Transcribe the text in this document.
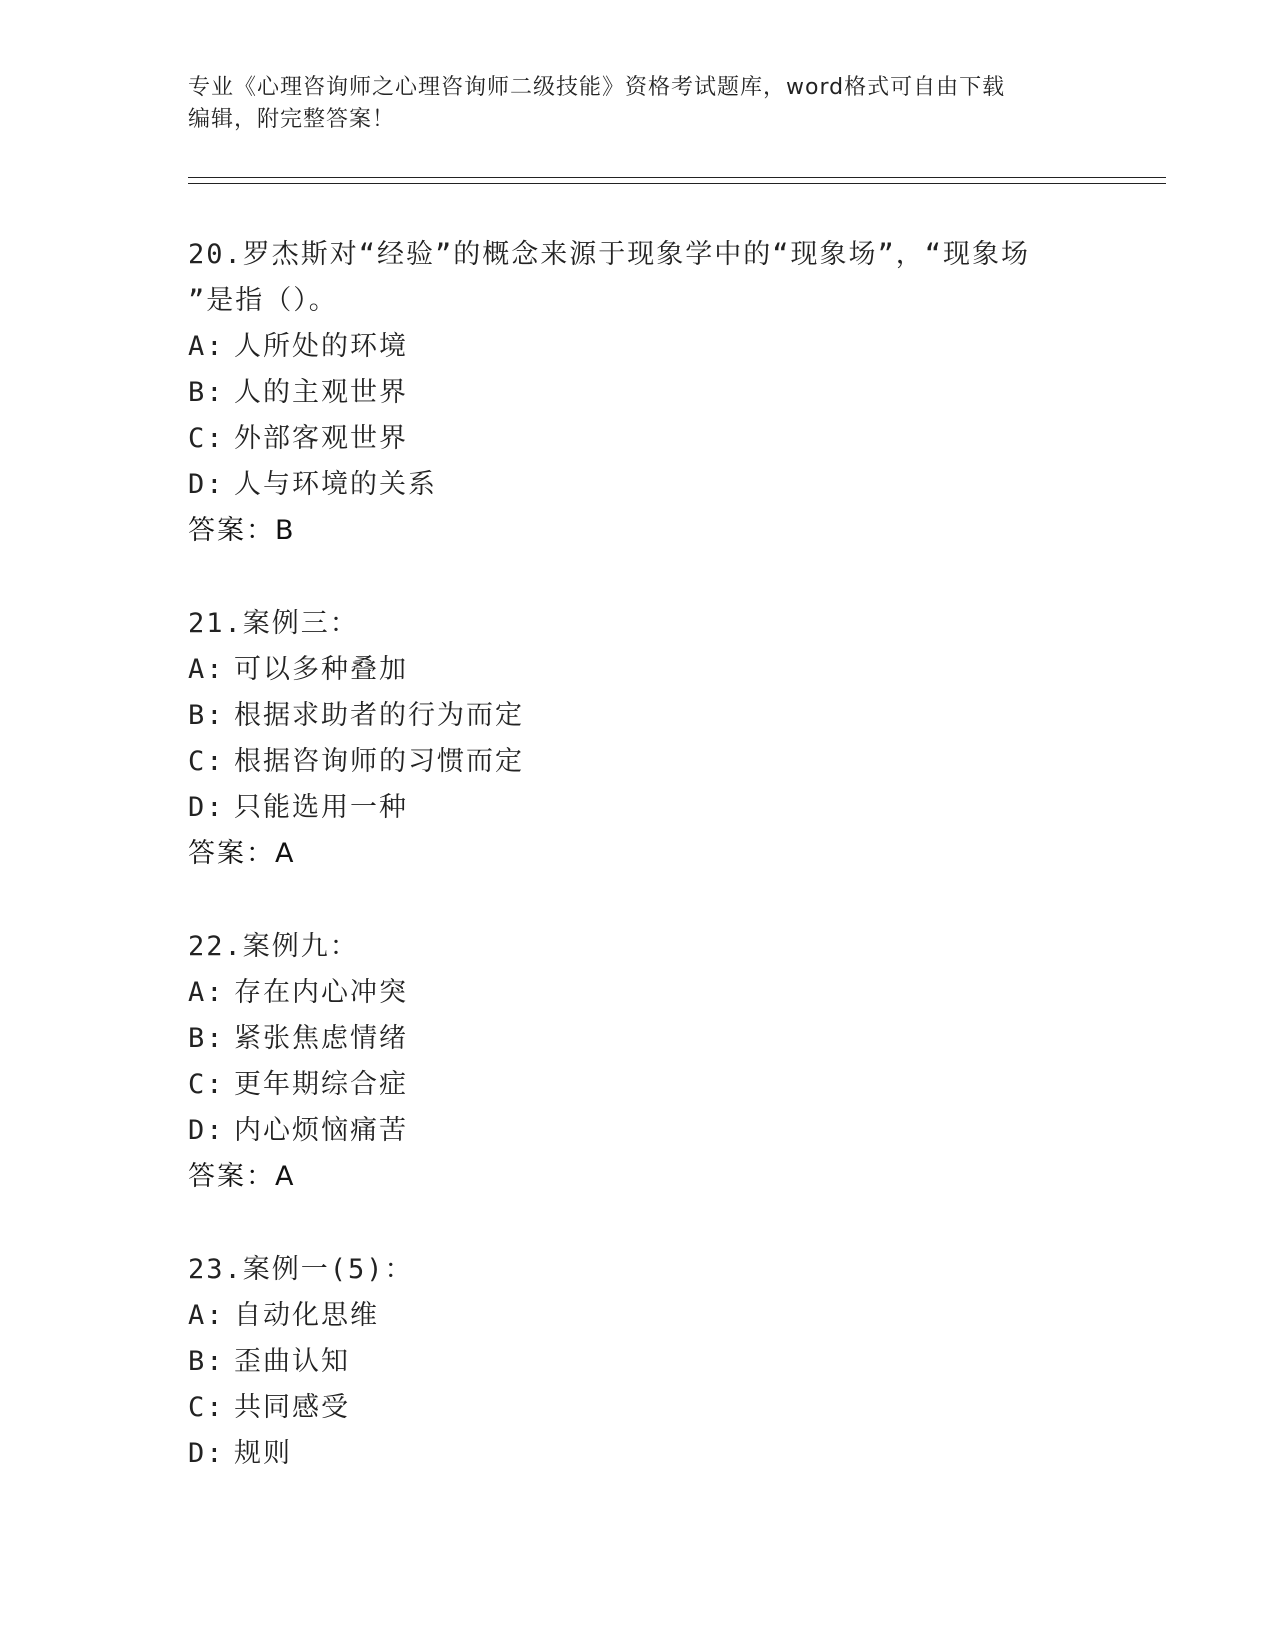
专业《心理咨询师之心理咨询师二级技能》资格考试题库，word格式可自由下载
编辑，附完整答案！
20.罗杰斯对“经验”的概念来源于现象学中的“现象场”，“现象场
”是指（）。
A: 人所处的环境
B: 人的主观世界
C: 外部客观世界
D: 人与环境的关系
答案：B
21.案例三：
A: 可以多种叠加
B: 根据求助者的行为而定
C: 根据咨询师的习惯而定
D: 只能选用一种
答案：A
22.案例九：
A: 存在内心冲突
B: 紧张焦虑情绪
C: 更年期综合症
D: 内心烦恼痛苦
答案：A
23.案例一(5)：
A: 自动化思维
B: 歪曲认知
C: 共同感受
D: 规则
